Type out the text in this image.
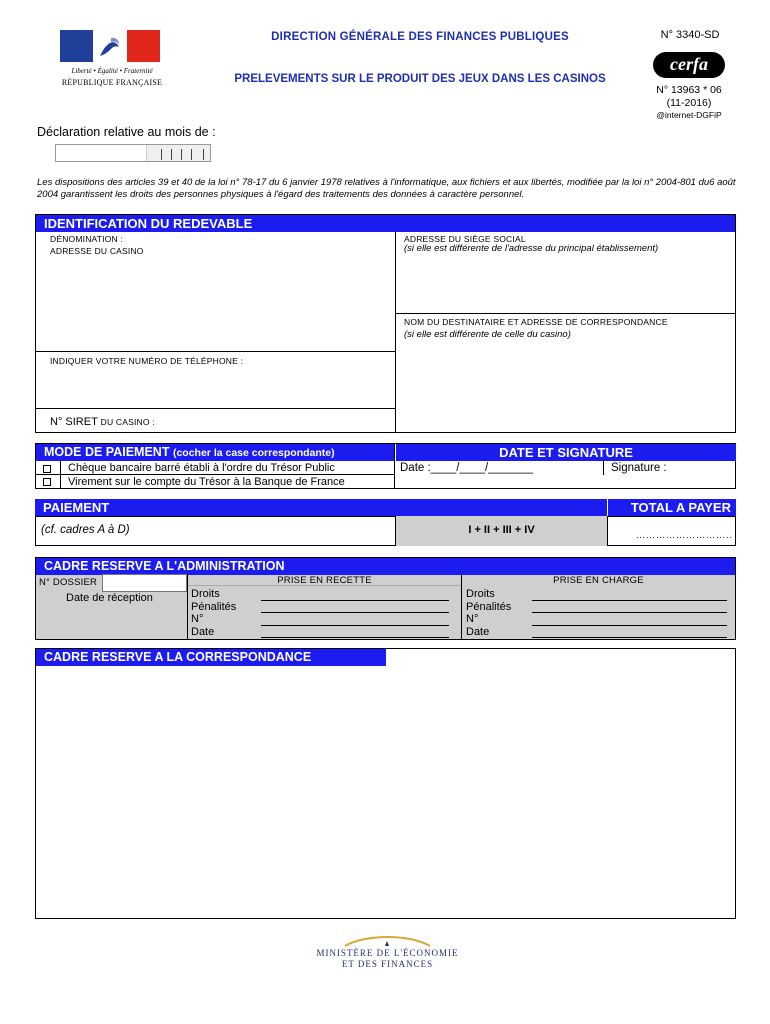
Liberté • Égalité • Fraternité
RÉPUBLIQUE FRANÇAISE
DIRECTION GÉNÉRALE DES FINANCES PUBLIQUES
PRELEVEMENTS SUR LE PRODUIT DES JEUX DANS LES CASINOS
N° 3340-SD
cerfa
N° 13963 * 06
(11-2016)
@internet-DGFiP
Déclaration relative au mois de :
Les dispositions des articles 39 et 40 de la loi n° 78-17 du 6 janvier 1978 relatives à l'informatique, aux fichiers et aux libertés, modifiée par la loi n° 2004-801 du6 août 2004 garantissent les droits des personnes physiques à l'égard des traitements des données à caractère personnel.
IDENTIFICATION DU REDEVABLE
DÉNOMINATION :
ADRESSE DU CASINO
ADRESSE DU SIÈGE SOCIAL
(si elle est différente de l'adresse du principal établissement)
NOM DU DESTINATAIRE ET ADRESSE DE CORRESPONDANCE
(si elle est différente de celle du casino)
INDIQUER VOTRE NUMÉRO DE TÉLÉPHONE :
N° SIRET DU CASINO :
MODE DE PAIEMENT (cocher la case correspondante)	DATE ET SIGNATURE
Chèque bancaire barré établi à l'ordre du Trésor Public
Virement sur le compte du Trésor à la Banque de France
Date :____/____/_______	Signature :
PAIEMENT	TOTAL A PAYER
(cf. cadres A à D)	I + II + III + IV	………………………..
CADRE RESERVE A L'ADMINISTRATION
N° DOSSIER
Date de réception
PRISE EN RECETTE
Droits
Pénalités
N°
Date
PRISE EN CHARGE
Droits
Pénalités
N°
Date
CADRE RESERVE A LA CORRESPONDANCE
MINISTÈRE DE L'ÉCONOMIE
ET DES FINANCES
